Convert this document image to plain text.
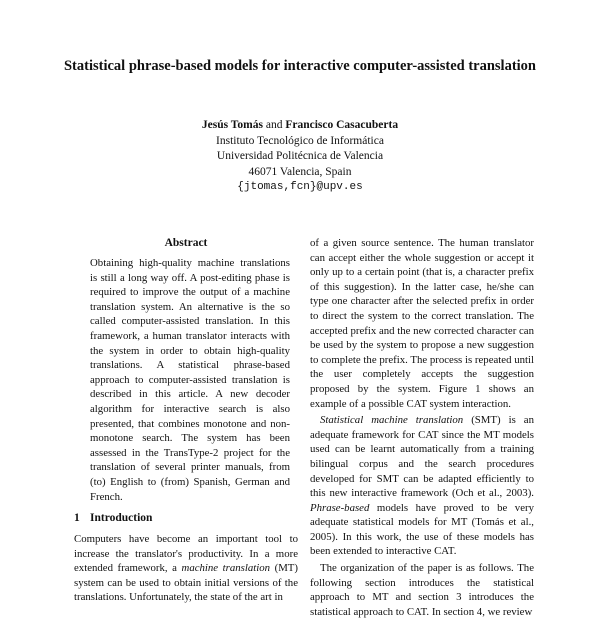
Statistical phrase-based models for interactive computer-assisted translation
Jesús Tomás and Francisco Casacuberta
Instituto Tecnológico de Informática
Universidad Politécnica de Valencia
46071 Valencia, Spain
{jtomas,fcn}@upv.es
Abstract

Obtaining high-quality machine translations is still a long way off. A post-editing phase is required to improve the output of a machine translation system. An alternative is the so called computer-assisted translation. In this framework, a human translator interacts with the system in order to obtain high-quality translations. A statistical phrase-based approach to computer-assisted translation is described in this article. A new decoder algorithm for interactive search is also presented, that combines monotone and non-monotone search. The system has been assessed in the TransType-2 project for the translation of several printer manuals, from (to) English to (from) Spanish, German and French.

1 Introduction

Computers have become an important tool to increase the translator's productivity. In a more extended framework, a machine translation (MT) system can be used to obtain initial versions of the translations. Unfortunately, the state of the art in

of a given source sentence. The human translator can accept either the whole suggestion or accept it only up to a certain point (that is, a character prefix of this suggestion). In the latter case, he/she can type one character after the selected prefix in order to direct the system to the correct translation. The accepted prefix and the new corrected character can be used by the system to propose a new suggestion to complete the prefix. The process is repeated until the user completely accepts the suggestion proposed by the system. Figure 1 shows an example of a possible CAT system interaction.

Statistical machine translation (SMT) is an adequate framework for CAT since the MT models used can be learnt automatically from a training bilingual corpus and the search procedures developed for SMT can be adapted efficiently to this new interactive framework (Och et al., 2003). Phrase-based models have proved to be very adequate statistical models for MT (Tomás et al., 2005). In this work, the use of these models has been extended to interactive CAT.

The organization of the paper is as follows. The following section introduces the statistical approach to MT and section 3 introduces the statistical approach to CAT. In section 4, we review
